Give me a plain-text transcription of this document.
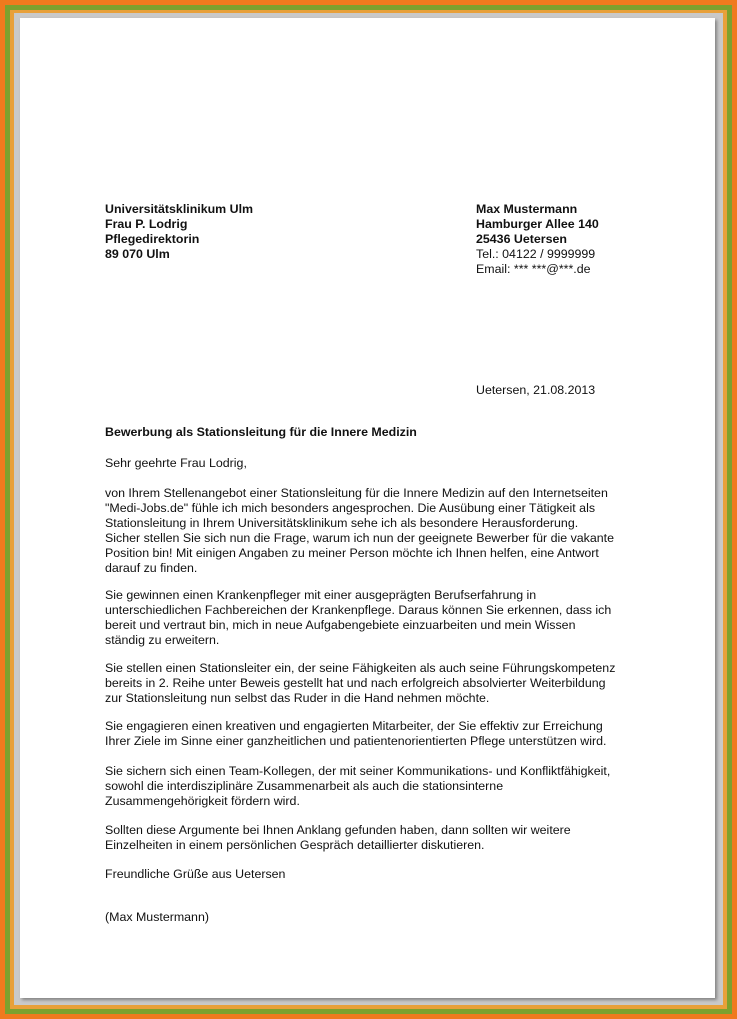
Universitätsklinikum Ulm
Frau P. Lodrig
Pflegedirektorin
89 070 Ulm
Max Mustermann
Hamburger Allee 140
25436 Uetersen
Tel.: 04122 / 9999999
Email: *** ***@***.de
Uetersen, 21.08.2013
Bewerbung als Stationsleitung für die Innere Medizin
Sehr geehrte Frau Lodrig,
von Ihrem Stellenangebot einer Stationsleitung für die Innere Medizin auf den Internetseiten
"Medi-Jobs.de" fühle ich mich besonders angesprochen. Die Ausübung einer Tätigkeit als
Stationsleitung in Ihrem Universitätsklinikum sehe ich als besondere Herausforderung.
Sicher stellen Sie sich nun die Frage, warum ich nun der geeignete Bewerber für die vakante
Position bin! Mit einigen Angaben zu meiner Person möchte ich Ihnen helfen, eine Antwort
darauf zu finden.
Sie gewinnen einen Krankenpfleger mit einer ausgeprägten Berufserfahrung in
unterschiedlichen Fachbereichen der Krankenpflege. Daraus können Sie erkennen, dass ich
bereit und vertraut bin, mich in neue Aufgabengebiete einzuarbeiten und mein Wissen
ständig zu erweitern.
Sie stellen einen Stationsleiter ein, der seine Fähigkeiten als auch seine Führungskompetenz
bereits in 2. Reihe unter Beweis gestellt hat und nach erfolgreich absolvierter Weiterbildung
zur Stationsleitung nun selbst das Ruder in die Hand nehmen möchte.
Sie engagieren einen kreativen und engagierten Mitarbeiter, der Sie effektiv zur Erreichung
Ihrer Ziele im Sinne einer ganzheitlichen und patientenorientierten Pflege unterstützen wird.
Sie sichern sich einen Team-Kollegen, der mit seiner Kommunikations- und Konfliktfähigkeit,
sowohl die interdisziplinäre Zusammenarbeit als auch die stationsinterne
Zusammengehörigkeit fördern wird.
Sollten diese Argumente bei Ihnen Anklang gefunden haben, dann sollten wir weitere
Einzelheiten in einem persönlichen Gespräch detaillierter diskutieren.
Freundliche Grüße aus Uetersen
(Max Mustermann)
